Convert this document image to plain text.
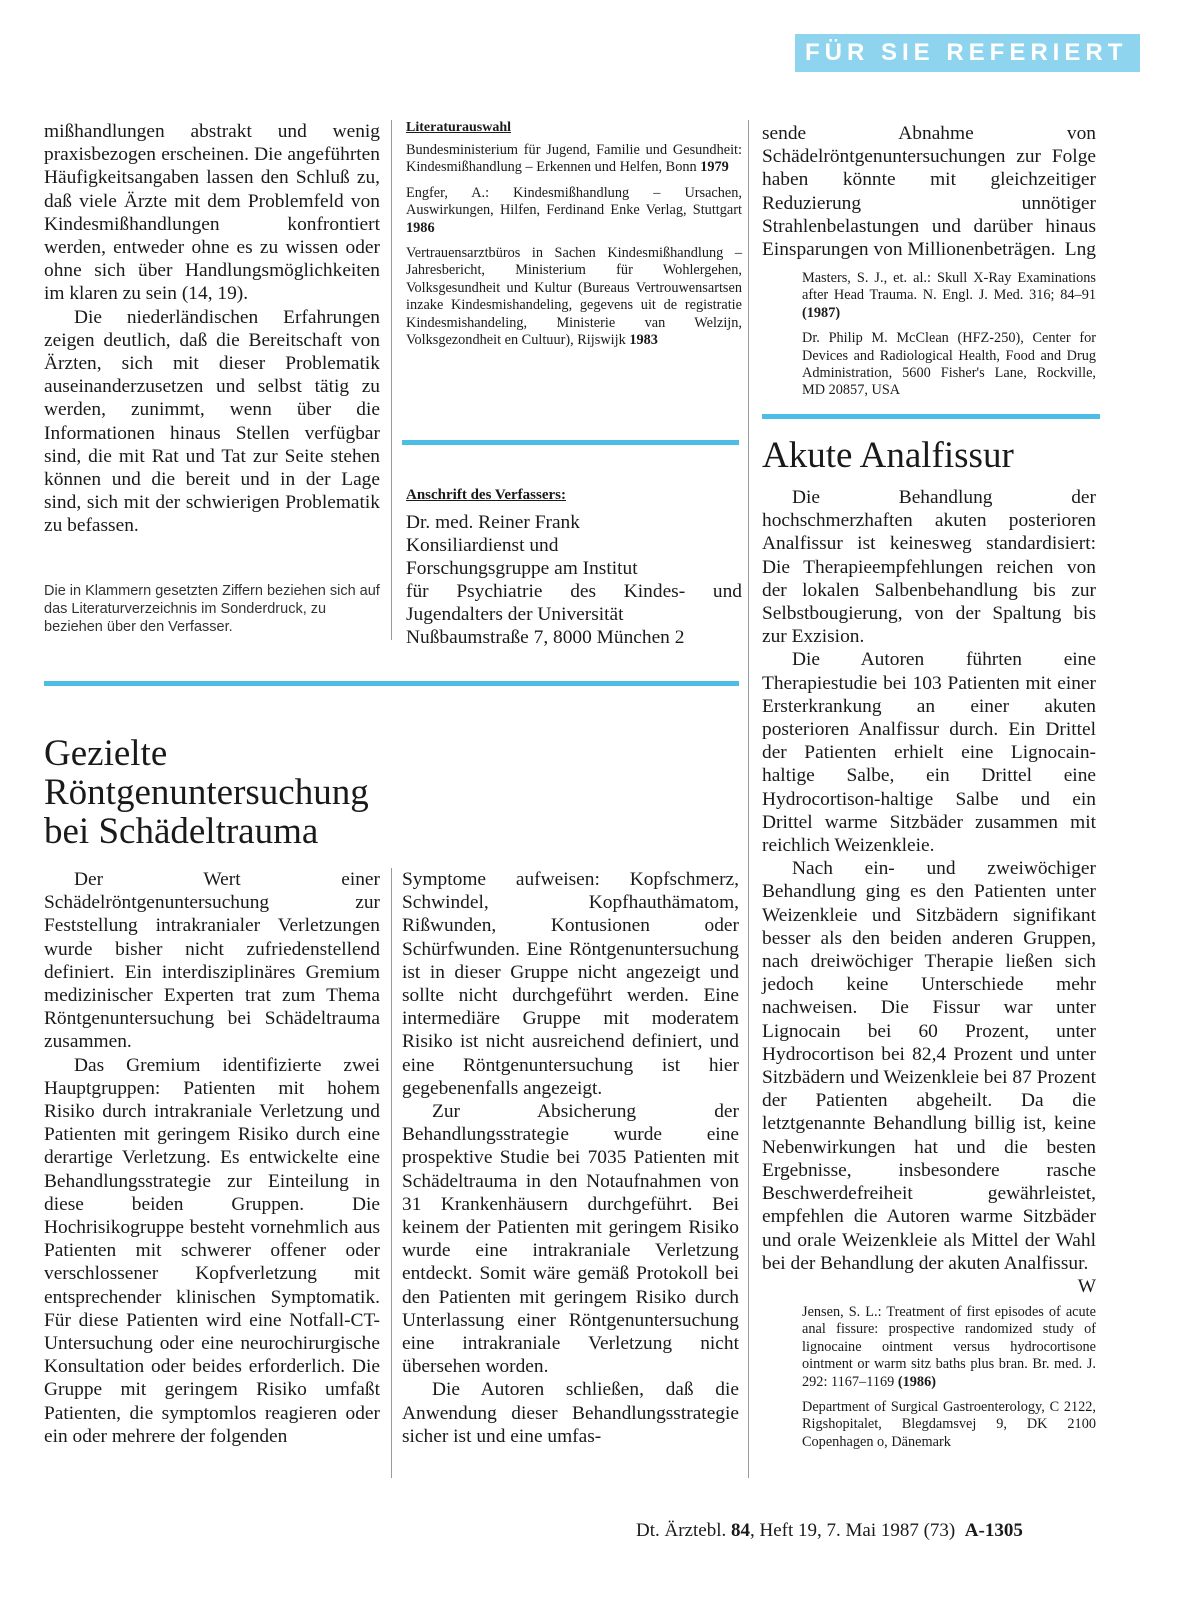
FÜR SIE REFERIERT

mißhandlungen abstrakt und wenig praxisbezogen erscheinen. Die angeführten Häufigkeitsangaben lassen den Schluß zu, daß viele Ärzte mit dem Problemfeld von Kindesmißhandlungen konfrontiert werden, entweder ohne es zu wissen oder ohne sich über Handlungsmöglichkeiten im klaren zu sein (14, 19).

Die niederländischen Erfahrungen zeigen deutlich, daß die Bereitschaft von Ärzten, sich mit dieser Problematik auseinanderzusetzen und selbst tätig zu werden, zunimmt, wenn über die Informationen hinaus Stellen verfügbar sind, die mit Rat und Tat zur Seite stehen können und die bereit und in der Lage sind, sich mit der schwierigen Problematik zu befassen.

Die in Klammern gesetzten Ziffern beziehen sich auf das Literaturverzeichnis im Sonderdruck, zu beziehen über den Verfasser.
Literaturauswahl
Bundesministerium für Jugend, Familie und Gesundheit: Kindesmißhandlung – Erkennen und Helfen, Bonn 1979
Engfer, A.: Kindesmißhandlung – Ursachen, Auswirkungen, Hilfen, Ferdinand Enke Verlag, Stuttgart 1986
Vertrauensarztbüros in Sachen Kindesmißhandlung – Jahresbericht, Ministerium für Wohlergehen, Volksgesundheit und Kultur (Bureaus Vertrouwensartsen inzake Kindesmishandeling, gegevens uit de registratie Kindesmishandeling, Ministerie van Welzijn, Volksgezondheit en Cultuur), Rijswijk 1983
Anschrift des Verfassers:
Dr. med. Reiner Frank
Konsiliardienst und
Forschungsgruppe am Institut
für Psychiatrie des Kindes- und
Jugendalters der Universität
Nußbaumstraße 7, 8000 München 2

sende Abnahme von Schädelröntgenuntersuchungen zur Folge haben könnte mit gleichzeitiger Reduzierung unnötiger Strahlenbelastungen und darüber hinaus Einsparungen von Millionenbeträgen. Lng

Masters, S. J., et. al.: Skull X-Ray Examinations after Head Trauma. N. Engl. J. Med. 316; 84–91 (1987)
Dr. Philip M. McClean (HFZ-250), Center for Devices and Radiological Health, Food and Drug Administration, 5600 Fisher's Lane, Rockville, MD 20857, USA
Akute Analfissur

Die Behandlung der hochschmerzhaften akuten posterioren Analfissur ist keinesweg standardisiert: Die Therapieempfehlungen reichen von der lokalen Salbenbehandlung bis zur Selbstbougierung, von der Spaltung bis zur Exzision.

Die Autoren führten eine Therapiestudie bei 103 Patienten mit einer Ersterkrankung an einer akuten posterioren Analfissur durch. Ein Drittel der Patienten erhielt eine Lignocain-haltige Salbe, ein Drittel eine Hydrocortison-haltige Salbe und ein Drittel warme Sitzbäder zusammen mit reichlich Weizenkleie.

Nach ein- und zweiwöchiger Behandlung ging es den Patienten unter Weizenkleie und Sitzbädern signifikant besser als den beiden anderen Gruppen, nach dreiwöchiger Therapie ließen sich jedoch keine Unterschiede mehr nachweisen. Die Fissur war unter Lignocain bei 60 Prozent, unter Hydrocortison bei 82,4 Prozent und unter Sitzbädern und Weizenkleie bei 87 Prozent der Patienten abgeheilt. Da die letztgenannte Behandlung billig ist, keine Nebenwirkungen hat und die besten Ergebnisse, insbesondere rasche Beschwerdefreiheit gewährleistet, empfehlen die Autoren warme Sitzbäder und orale Weizenkleie als Mittel der Wahl bei der Behandlung der akuten Analfissur.
W

Jensen, S. L.: Treatment of first episodes of acute anal fissure: prospective randomized study of lignocaine ointment versus hydrocortisone ointment or warm sitz baths plus bran. Br. med. J. 292: 1167–1169 (1986)
Department of Surgical Gastroenterology, C 2122, Rigshopitalet, Blegdamsvej 9, DK 2100 Copenhagen o, Dänemark
Gezielte
Röntgenuntersuchung
bei Schädeltrauma

Der Wert einer Schädelröntgenuntersuchung zur Feststellung intrakranialer Verletzungen wurde bisher nicht zufriedenstellend definiert. Ein interdisziplinäres Gremium medizinischer Experten trat zum Thema Röntgenuntersuchung bei Schädeltrauma zusammen.

Das Gremium identifizierte zwei Hauptgruppen: Patienten mit hohem Risiko durch intrakraniale Verletzung und Patienten mit geringem Risiko durch eine derartige Verletzung. Es entwickelte eine Behandlungsstrategie zur Einteilung in diese beiden Gruppen. Die Hochrisikogruppe besteht vornehmlich aus Patienten mit schwerer offener oder verschlossener Kopfverletzung mit entsprechender klinischen Symptomatik. Für diese Patienten wird eine Notfall-CT-Untersuchung oder eine neurochirurgische Konsultation oder beides erforderlich. Die Gruppe mit geringem Risiko umfaßt Patienten, die symptomlos reagieren oder ein oder mehrere der folgenden

Symptome aufweisen: Kopfschmerz, Schwindel, Kopfhauthämatom, Rißwunden, Kontusionen oder Schürfwunden. Eine Röntgenuntersuchung ist in dieser Gruppe nicht angezeigt und sollte nicht durchgeführt werden. Eine intermediäre Gruppe mit moderatem Risiko ist nicht ausreichend definiert, und eine Röntgenuntersuchung ist hier gegebenenfalls angezeigt.

Zur Absicherung der Behandlungsstrategie wurde eine prospektive Studie bei 7035 Patienten mit Schädeltrauma in den Notaufnahmen von 31 Krankenhäusern durchgeführt. Bei keinem der Patienten mit geringem Risiko wurde eine intrakraniale Verletzung entdeckt. Somit wäre gemäß Protokoll bei den Patienten mit geringem Risiko durch Unterlassung einer Röntgenuntersuchung eine intrakraniale Verletzung nicht übersehen worden.

Die Autoren schließen, daß die Anwendung dieser Behandlungsstrategie sicher ist und eine umfas-

Dt. Ärztebl. 84, Heft 19, 7. Mai 1987 (73) A-1305
